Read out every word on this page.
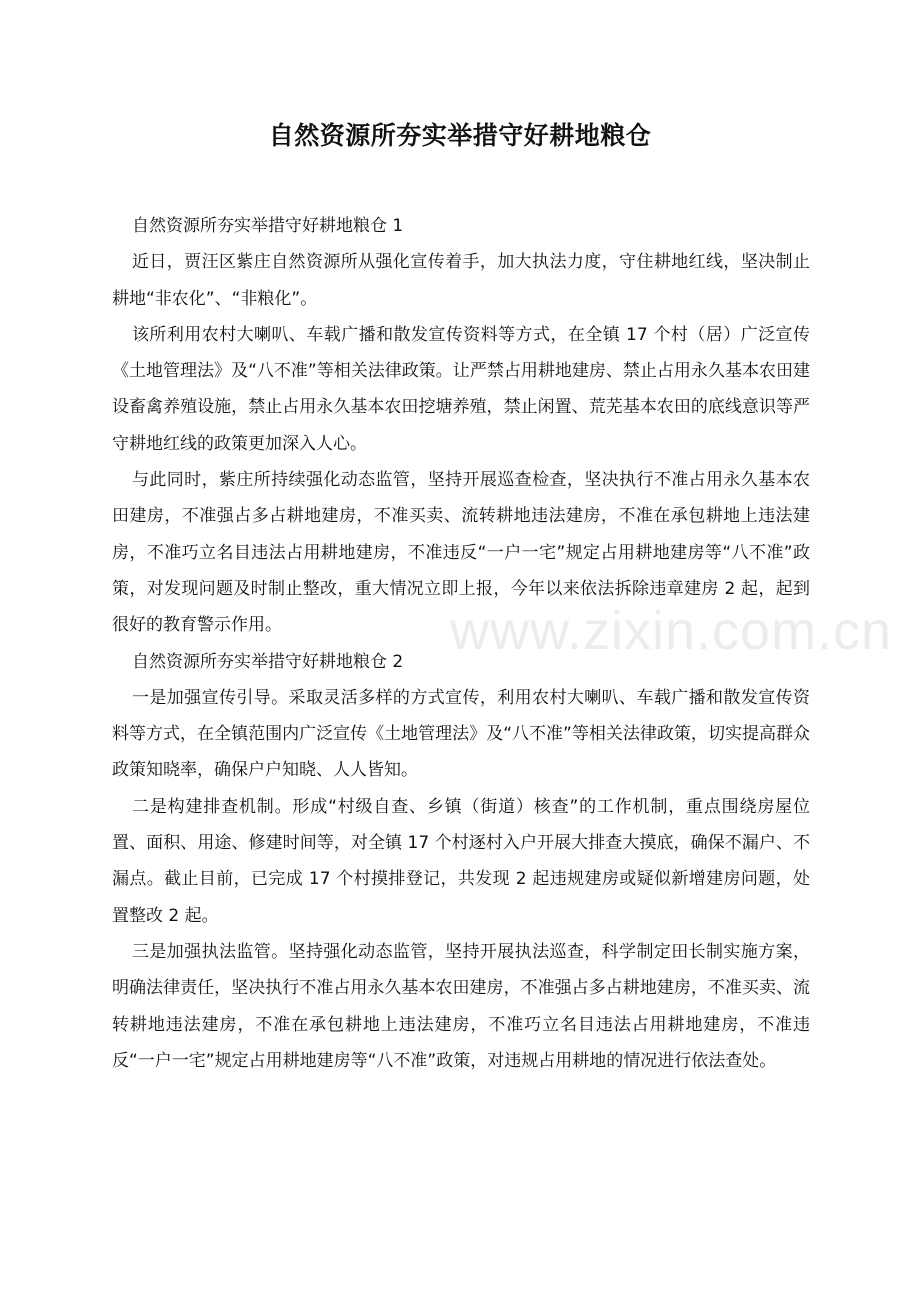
自然资源所夯实举措守好耕地粮仓

自然资源所夯实举措守好耕地粮仓 1

近日，贾汪区紫庄自然资源所从强化宣传着手，加大执法力度，守住耕地红线，坚决制止耕地“非农化”、“非粮化”。

该所利用农村大喇叭、车载广播和散发宣传资料等方式，在全镇 17 个村（居）广泛宣传《土地管理法》及“八不准”等相关法律政策。让严禁占用耕地建房、禁止占用永久基本农田建设畜禽养殖设施，禁止占用永久基本农田挖塘养殖，禁止闲置、荒芜基本农田的底线意识等严守耕地红线的政策更加深入人心。

与此同时，紫庄所持续强化动态监管，坚持开展巡查检查，坚决执行不准占用永久基本农田建房，不准强占多占耕地建房，不准买卖、流转耕地违法建房，不准在承包耕地上违法建房，不准巧立名目违法占用耕地建房，不准违反“一户一宅”规定占用耕地建房等“八不准”政策，对发现问题及时制止整改，重大情况立即上报，今年以来依法拆除违章建房 2 起，起到很好的教育警示作用。

自然资源所夯实举措守好耕地粮仓 2

一是加强宣传引导。采取灵活多样的方式宣传，利用农村大喇叭、车载广播和散发宣传资料等方式，在全镇范围内广泛宣传《土地管理法》及“八不准”等相关法律政策，切实提高群众政策知晓率，确保户户知晓、人人皆知。

二是构建排查机制。形成“村级自查、乡镇（街道）核查”的工作机制，重点围绕房屋位置、面积、用途、修建时间等，对全镇 17 个村逐村入户开展大排查大摸底，确保不漏户、不漏点。截止目前，已完成 17 个村摸排登记，共发现 2 起违规建房或疑似新增建房问题，处置整改 2 起。

三是加强执法监管。坚持强化动态监管，坚持开展执法巡查，科学制定田长制实施方案，明确法律责任，坚决执行不准占用永久基本农田建房，不准强占多占耕地建房，不准买卖、流转耕地违法建房，不准在承包耕地上违法建房，不准巧立名目违法占用耕地建房，不准违反“一户一宅”规定占用耕地建房等“八不准”政策，对违规占用耕地的情况进行依法查处。

www.zixin.com.cn
